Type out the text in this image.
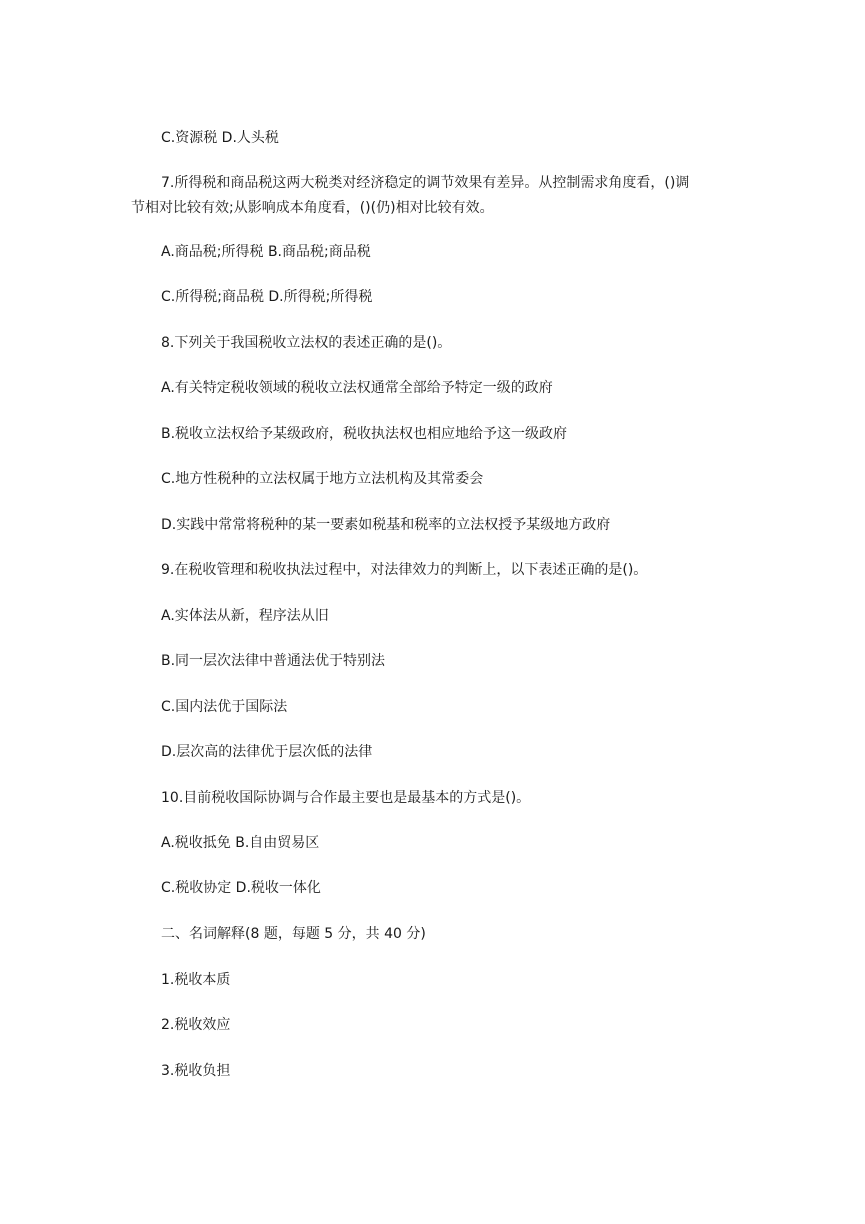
C.资源税 D.人头税

7.所得税和商品税这两大税类对经济稳定的调节效果有差异。从控制需求角度看，()调

节相对比较有效;从影响成本角度看，()(仍)相对比较有效。

A.商品税;所得税 B.商品税;商品税

C.所得税;商品税 D.所得税;所得税

8.下列关于我国税收立法权的表述正确的是()。

A.有关特定税收领域的税收立法权通常全部给予特定一级的政府

B.税收立法权给予某级政府，税收执法权也相应地给予这一级政府

C.地方性税种的立法权属于地方立法机构及其常委会

D.实践中常常将税种的某一要素如税基和税率的立法权授予某级地方政府

9.在税收管理和税收执法过程中，对法律效力的判断上，以下表述正确的是()。

A.实体法从新，程序法从旧

B.同一层次法律中普通法优于特别法

C.国内法优于国际法

D.层次高的法律优于层次低的法律

10.目前税收国际协调与合作最主要也是最基本的方式是()。

A.税收抵免 B.自由贸易区

C.税收协定 D.税收一体化

二、名词解释(8 题，每题 5 分，共 40 分)

1.税收本质

2.税收效应

3.税收负担
